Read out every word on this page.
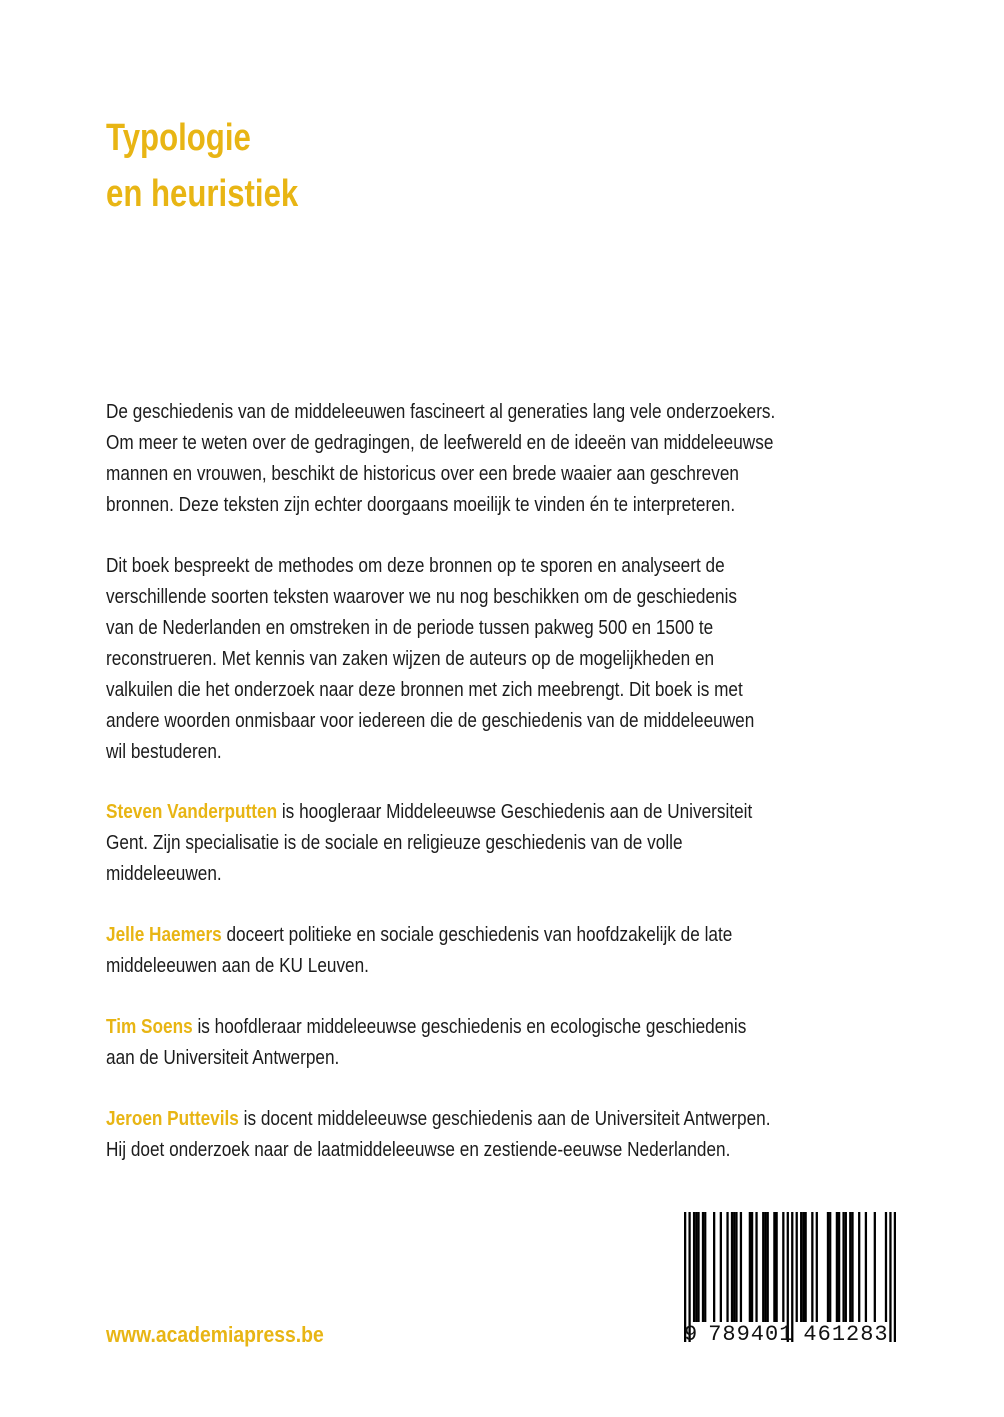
Typologie
en heuristiek

De geschiedenis van de middeleeuwen fascineert al generaties lang vele onderzoekers.
Om meer te weten over de gedragingen, de leefwereld en de ideeën van middeleeuwse
mannen en vrouwen, beschikt de historicus over een brede waaier aan geschreven
bronnen. Deze teksten zijn echter doorgaans moeilijk te vinden én te interpreteren.

Dit boek bespreekt de methodes om deze bronnen op te sporen en analyseert de
verschillende soorten teksten waarover we nu nog beschikken om de geschiedenis
van de Nederlanden en omstreken in de periode tussen pakweg 500 en 1500 te
reconstrueren. Met kennis van zaken wijzen de auteurs op de mogelijkheden en
valkuilen die het onderzoek naar deze bronnen met zich meebrengt. Dit boek is met
andere woorden onmisbaar voor iedereen die de geschiedenis van de middeleeuwen
wil bestuderen.

Steven Vanderputten is hoogleraar Middeleeuwse Geschiedenis aan de Universiteit
Gent. Zijn specialisatie is de sociale en religieuze geschiedenis van de volle
middeleeuwen.

Jelle Haemers doceert politieke en sociale geschiedenis van hoofdzakelijk de late
middeleeuwen aan de KU Leuven.

Tim Soens is hoofdleraar middeleeuwse geschiedenis en ecologische geschiedenis
aan de Universiteit Antwerpen.

Jeroen Puttevils is docent middeleeuwse geschiedenis aan de Universiteit Antwerpen.
Hij doet onderzoek naar de laatmiddeleeuwse en zestiende-eeuwse Nederlanden.

www.academiapress.be	9 789401 461283
